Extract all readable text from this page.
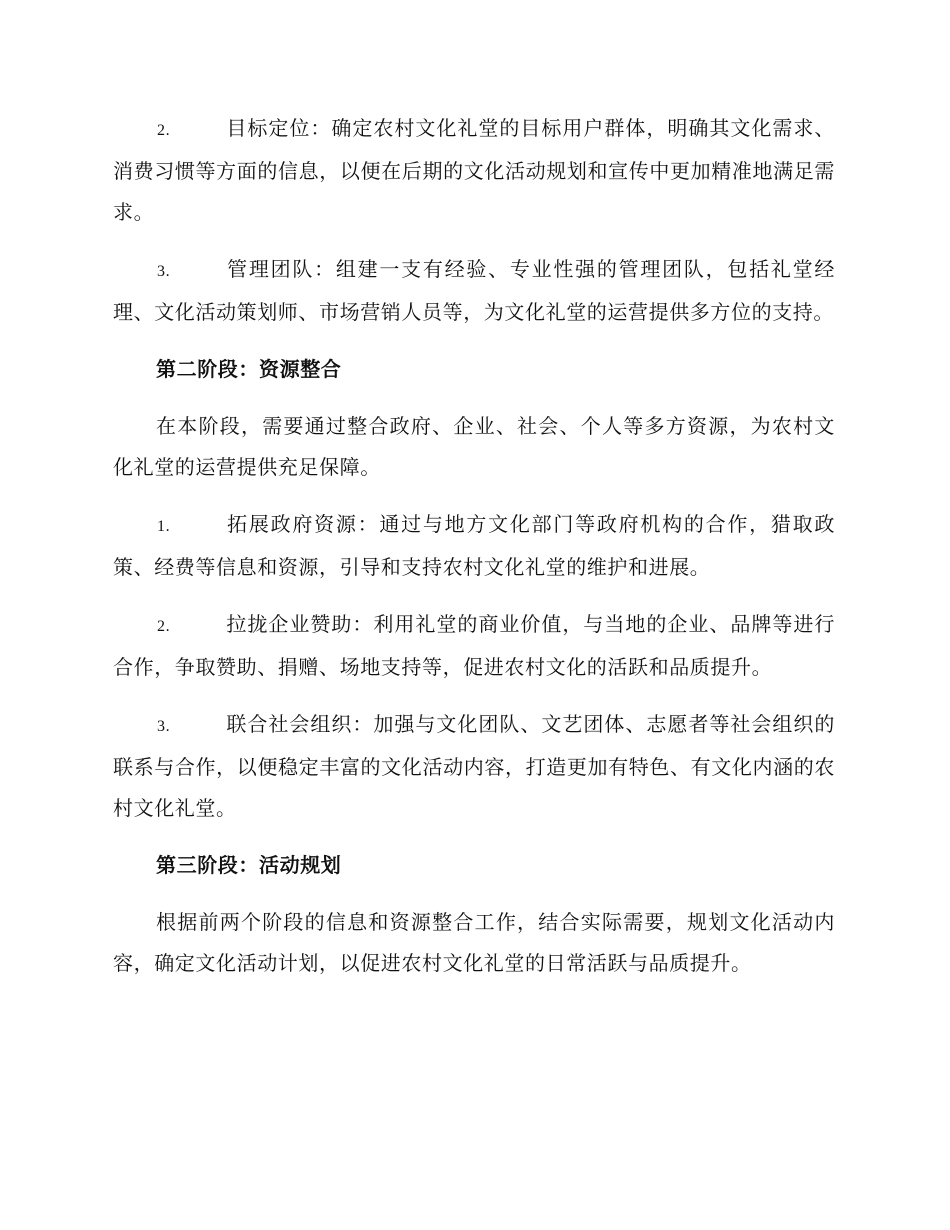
2.	目标定位：确定农村文化礼堂的目标用户群体，明确其文化需求、消费习惯等方面的信息，以便在后期的文化活动规划和宣传中更加精准地满足需求。

3.	管理团队：组建一支有经验、专业性强的管理团队，包括礼堂经理、文化活动策划师、市场营销人员等，为文化礼堂的运营提供多方位的支持。

第二阶段：资源整合

在本阶段，需要通过整合政府、企业、社会、个人等多方资源，为农村文化礼堂的运营提供充足保障。

1.	拓展政府资源：通过与地方文化部门等政府机构的合作，猎取政策、经费等信息和资源，引导和支持农村文化礼堂的维护和进展。

2.	拉拢企业赞助：利用礼堂的商业价值，与当地的企业、品牌等进行合作，争取赞助、捐赠、场地支持等，促进农村文化的活跃和品质提升。

3.	联合社会组织：加强与文化团队、文艺团体、志愿者等社会组织的联系与合作，以便稳定丰富的文化活动内容，打造更加有特色、有文化内涵的农村文化礼堂。

第三阶段：活动规划

根据前两个阶段的信息和资源整合工作，结合实际需要，规划文化活动内容，确定文化活动计划，以促进农村文化礼堂的日常活跃与品质提升。
